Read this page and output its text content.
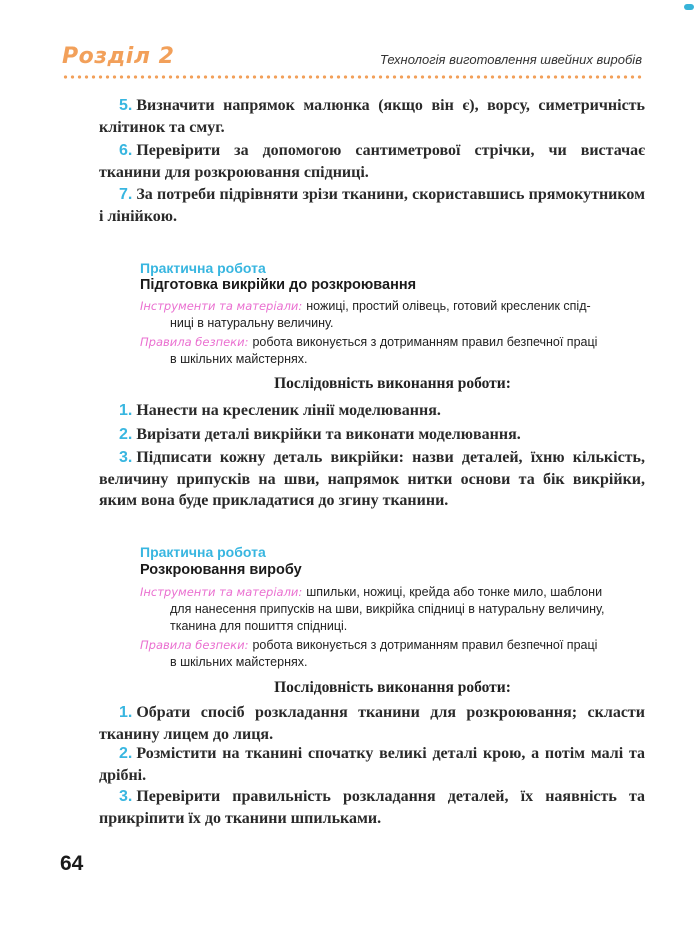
Розділ 2	Технологія виготовлення швейних виробів
5. Визначити напрямок малюнка (якщо він є), ворсу, симетричність клітинок та смуг.
6. Перевірити за допомогою сантиметрової стрічки, чи вистачає тканини для розкроювання спідниці.
7. За потреби підрівняти зрізи тканини, скориставшись прямокутником і лінійкою.
Практична робота
Підготовка викрійки до розкроювання
Інструменти та матеріали: ножиці, простий олівець, готовий кресленик спід-
ниці в натуральну величину.
Правила безпеки: робота виконується з дотриманням правил безпечної праці
в шкільних майстернях.
Послідовність виконання роботи:
1. Нанести на кресленик лінії моделювання.
2. Вирізати деталі викрійки та виконати моделювання.
3. Підписати кожну деталь викрійки: назви деталей, їхню кількість, величину припусків на шви, напрямок нитки основи та бік викрійки, яким вона буде прикладатися до згину тканини.
Практична робота
Розкроювання виробу
Інструменти та матеріали: шпильки, ножиці, крейда або тонке мило, шаблони
для нанесення припусків на шви, викрійка спідниці в натуральну величину,
тканина для пошиття спідниці.
Правила безпеки: робота виконується з дотриманням правил безпечної праці
в шкільних майстернях.
Послідовність виконання роботи:
1. Обрати спосіб розкладання тканини для розкроювання; скласти тканину лицем до лиця.
2. Розмістити на тканині спочатку великі деталі крою, а потім малі та дрібні.
3. Перевірити правильність розкладання деталей, їх наявність та прикріпити їх до тканини шпильками.
64
